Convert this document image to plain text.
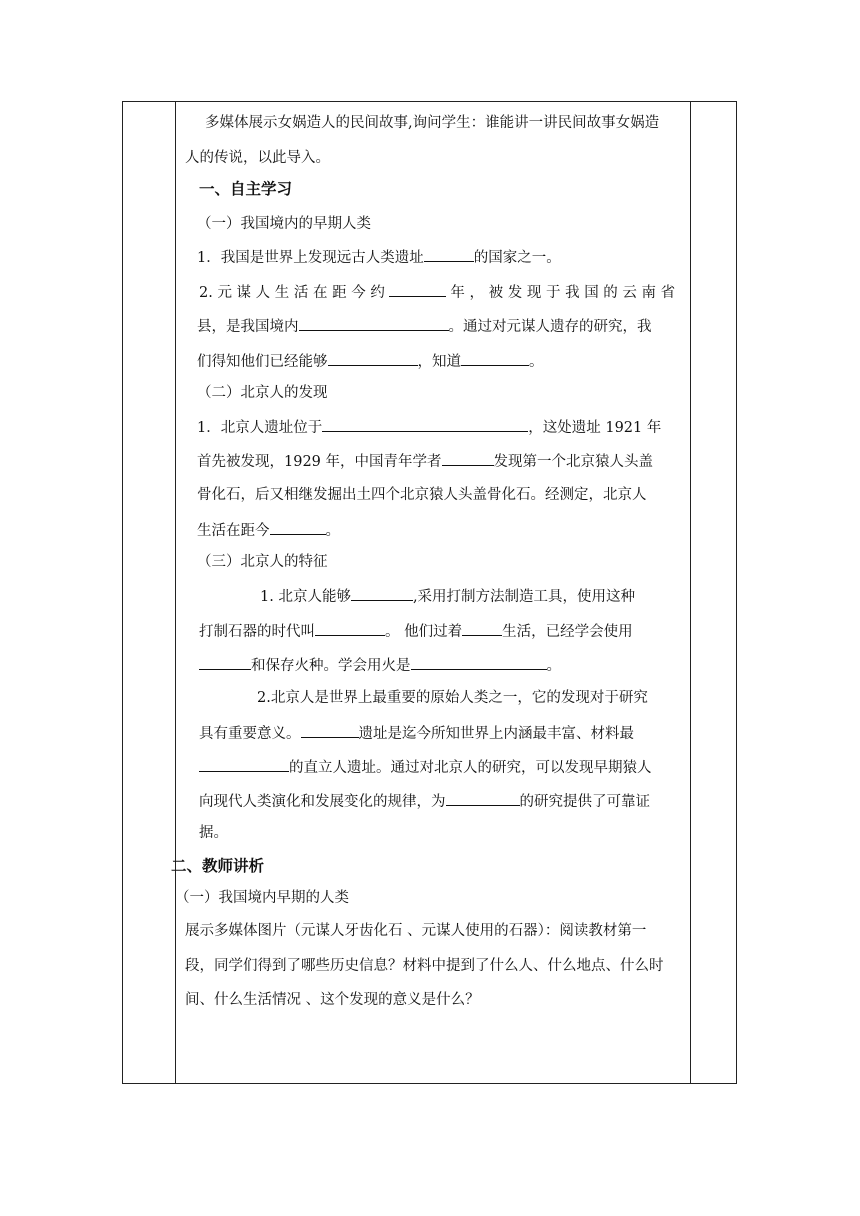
多媒体展示女娲造人的民间故事,询问学生：谁能讲一讲民间故事女娲造
人的传说，以此导入。
一、自主学习
（一）我国境内的早期人类
1．我国是世界上发现远古人类遗址	的国家之一。
2. 元 谋 人 生 活 在 距 今 约	年 ， 被 发 现 于 我 国 的 云 南 省
县，是我国境内	。通过对元谋人遗存的研究，我
们得知他们已经能够	，知道	。
（二）北京人的发现
1．北京人遗址位于	，这处遗址 1921 年
首先被发现，1929 年，中国青年学者	发现第一个北京猿人头盖
骨化石，后又相继发掘出土四个北京猿人头盖骨化石。经测定，北京人
生活在距今	。
（三）北京人的特征
1. 北京人能够	,采用打制方法制造工具，使用这种
打制石器的时代叫	。 他们过着	生活，已经学会使用
和保存火种。学会用火是	。
2.北京人是世界上最重要的原始人类之一，它的发现对于研究
具有重要意义。	遗址是迄今所知世界上内涵最丰富、材料最
的直立人遗址。通过对北京人的研究，可以发现早期猿人
向现代人类演化和发展变化的规律，为	的研究提供了可靠证
据。
二、教师讲析
（一）我国境内早期的人类
展示多媒体图片（元谋人牙齿化石 、元谋人使用的石器）：阅读教材第一
段，同学们得到了哪些历史信息？材料中提到了什么人、什么地点、什么时
间、什么生活情况 、这个发现的意义是什么？
